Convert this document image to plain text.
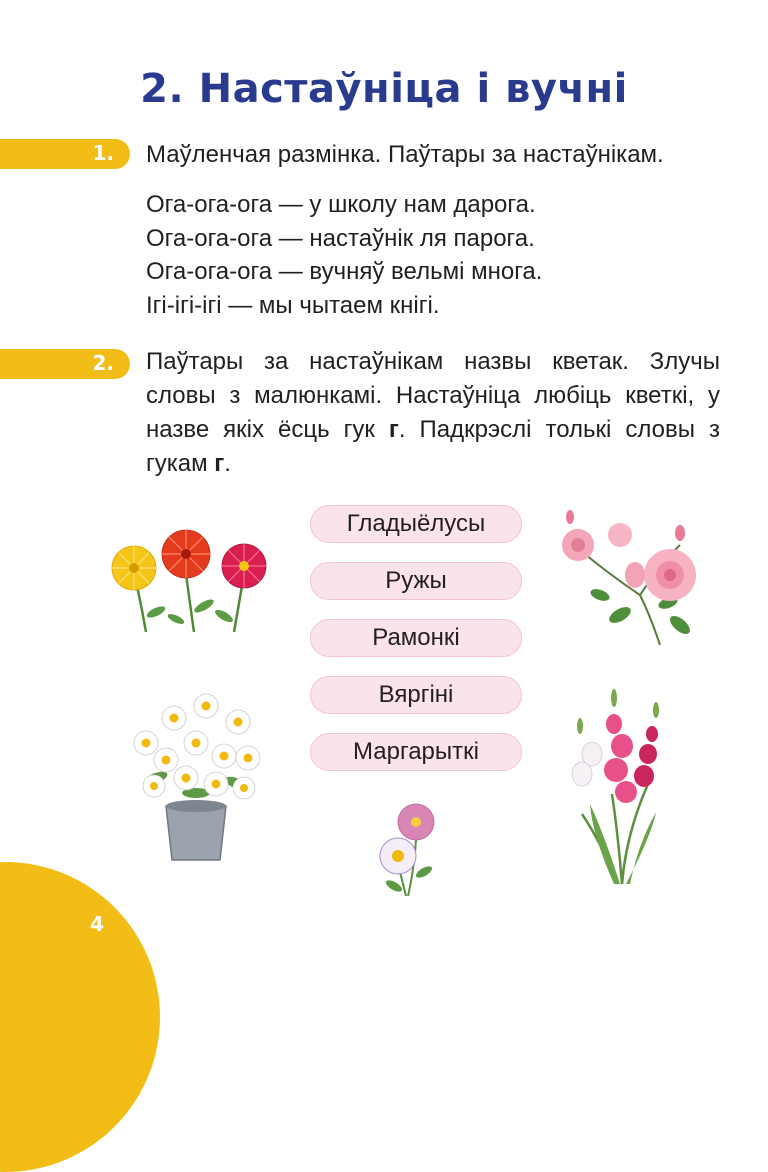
2. Настаўніца і вучні
1. Маўленчая размінка. Паўтары за настаўнікам.
Ога-ога-ога — у школу нам дарога.
Ога-ога-ога — настаўнік ля парога.
Ога-ога-ога — вучняў вельмі многа.
Ігі-ігі-ігі — мы чытаем кнігі.
2. Паўтары за настаўнікам назвы кветак. Злучы словы з малюнкамі. Настаўніца любіць кветкі, у назве якіх ёсць гук г. Падкрэслі толькі словы з гукам г.
Гладыёлусы
Ружы
Рамонкі
Вяргіні
Маргарыткі
4
